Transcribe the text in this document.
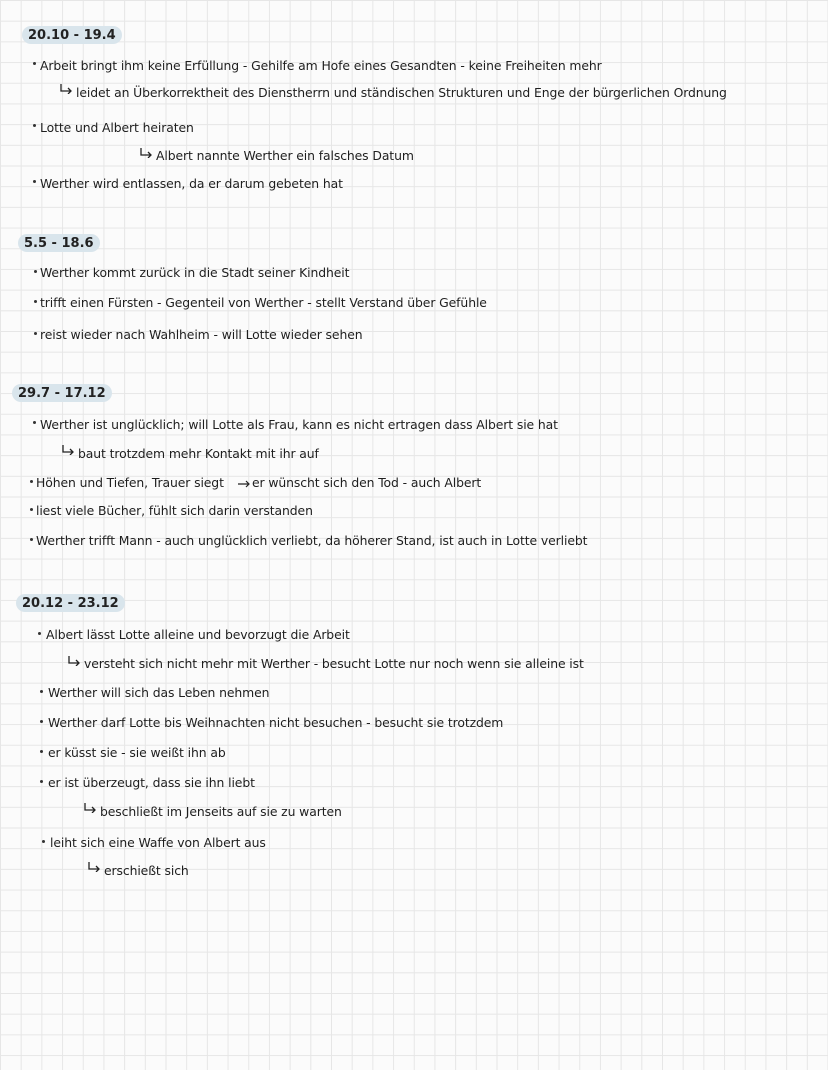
20.10 - 19.4
Arbeit bringt ihm keine Erfüllung - Gehilfe am Hofe eines Gesandten - keine Freiheiten mehr
leidet an Überkorrektheit des Dienstherrn und ständischen Strukturen und Enge der bürgerlichen Ordnung
Lotte und Albert heiraten
Albert nannte Werther ein falsches Datum
Werther wird entlassen, da er darum gebeten hat
5.5 - 18.6
Werther kommt zurück in die Stadt seiner Kindheit
trifft einen Fürsten - Gegenteil von Werther - stellt Verstand über Gefühle
reist wieder nach Wahlheim - will Lotte wieder sehen
29.7 - 17.12
Werther ist unglücklich; will Lotte als Frau, kann es nicht ertragen dass Albert sie hat
baut trotzdem mehr Kontakt mit ihr auf
Höhen und Tiefen, Trauer siegt er wünscht sich den Tod - auch Albert
liest viele Bücher, fühlt sich darin verstanden
Werther trifft Mann - auch unglücklich verliebt, da höherer Stand, ist auch in Lotte verliebt
20.12 - 23.12
Albert lässt Lotte alleine und bevorzugt die Arbeit
versteht sich nicht mehr mit Werther - besucht Lotte nur noch wenn sie alleine ist
Werther will sich das Leben nehmen
Werther darf Lotte bis Weihnachten nicht besuchen - besucht sie trotzdem
er küsst sie - sie weißt ihn ab
er ist überzeugt, dass sie ihn liebt
beschließt im Jenseits auf sie zu warten
leiht sich eine Waffe von Albert aus
erschießt sich
